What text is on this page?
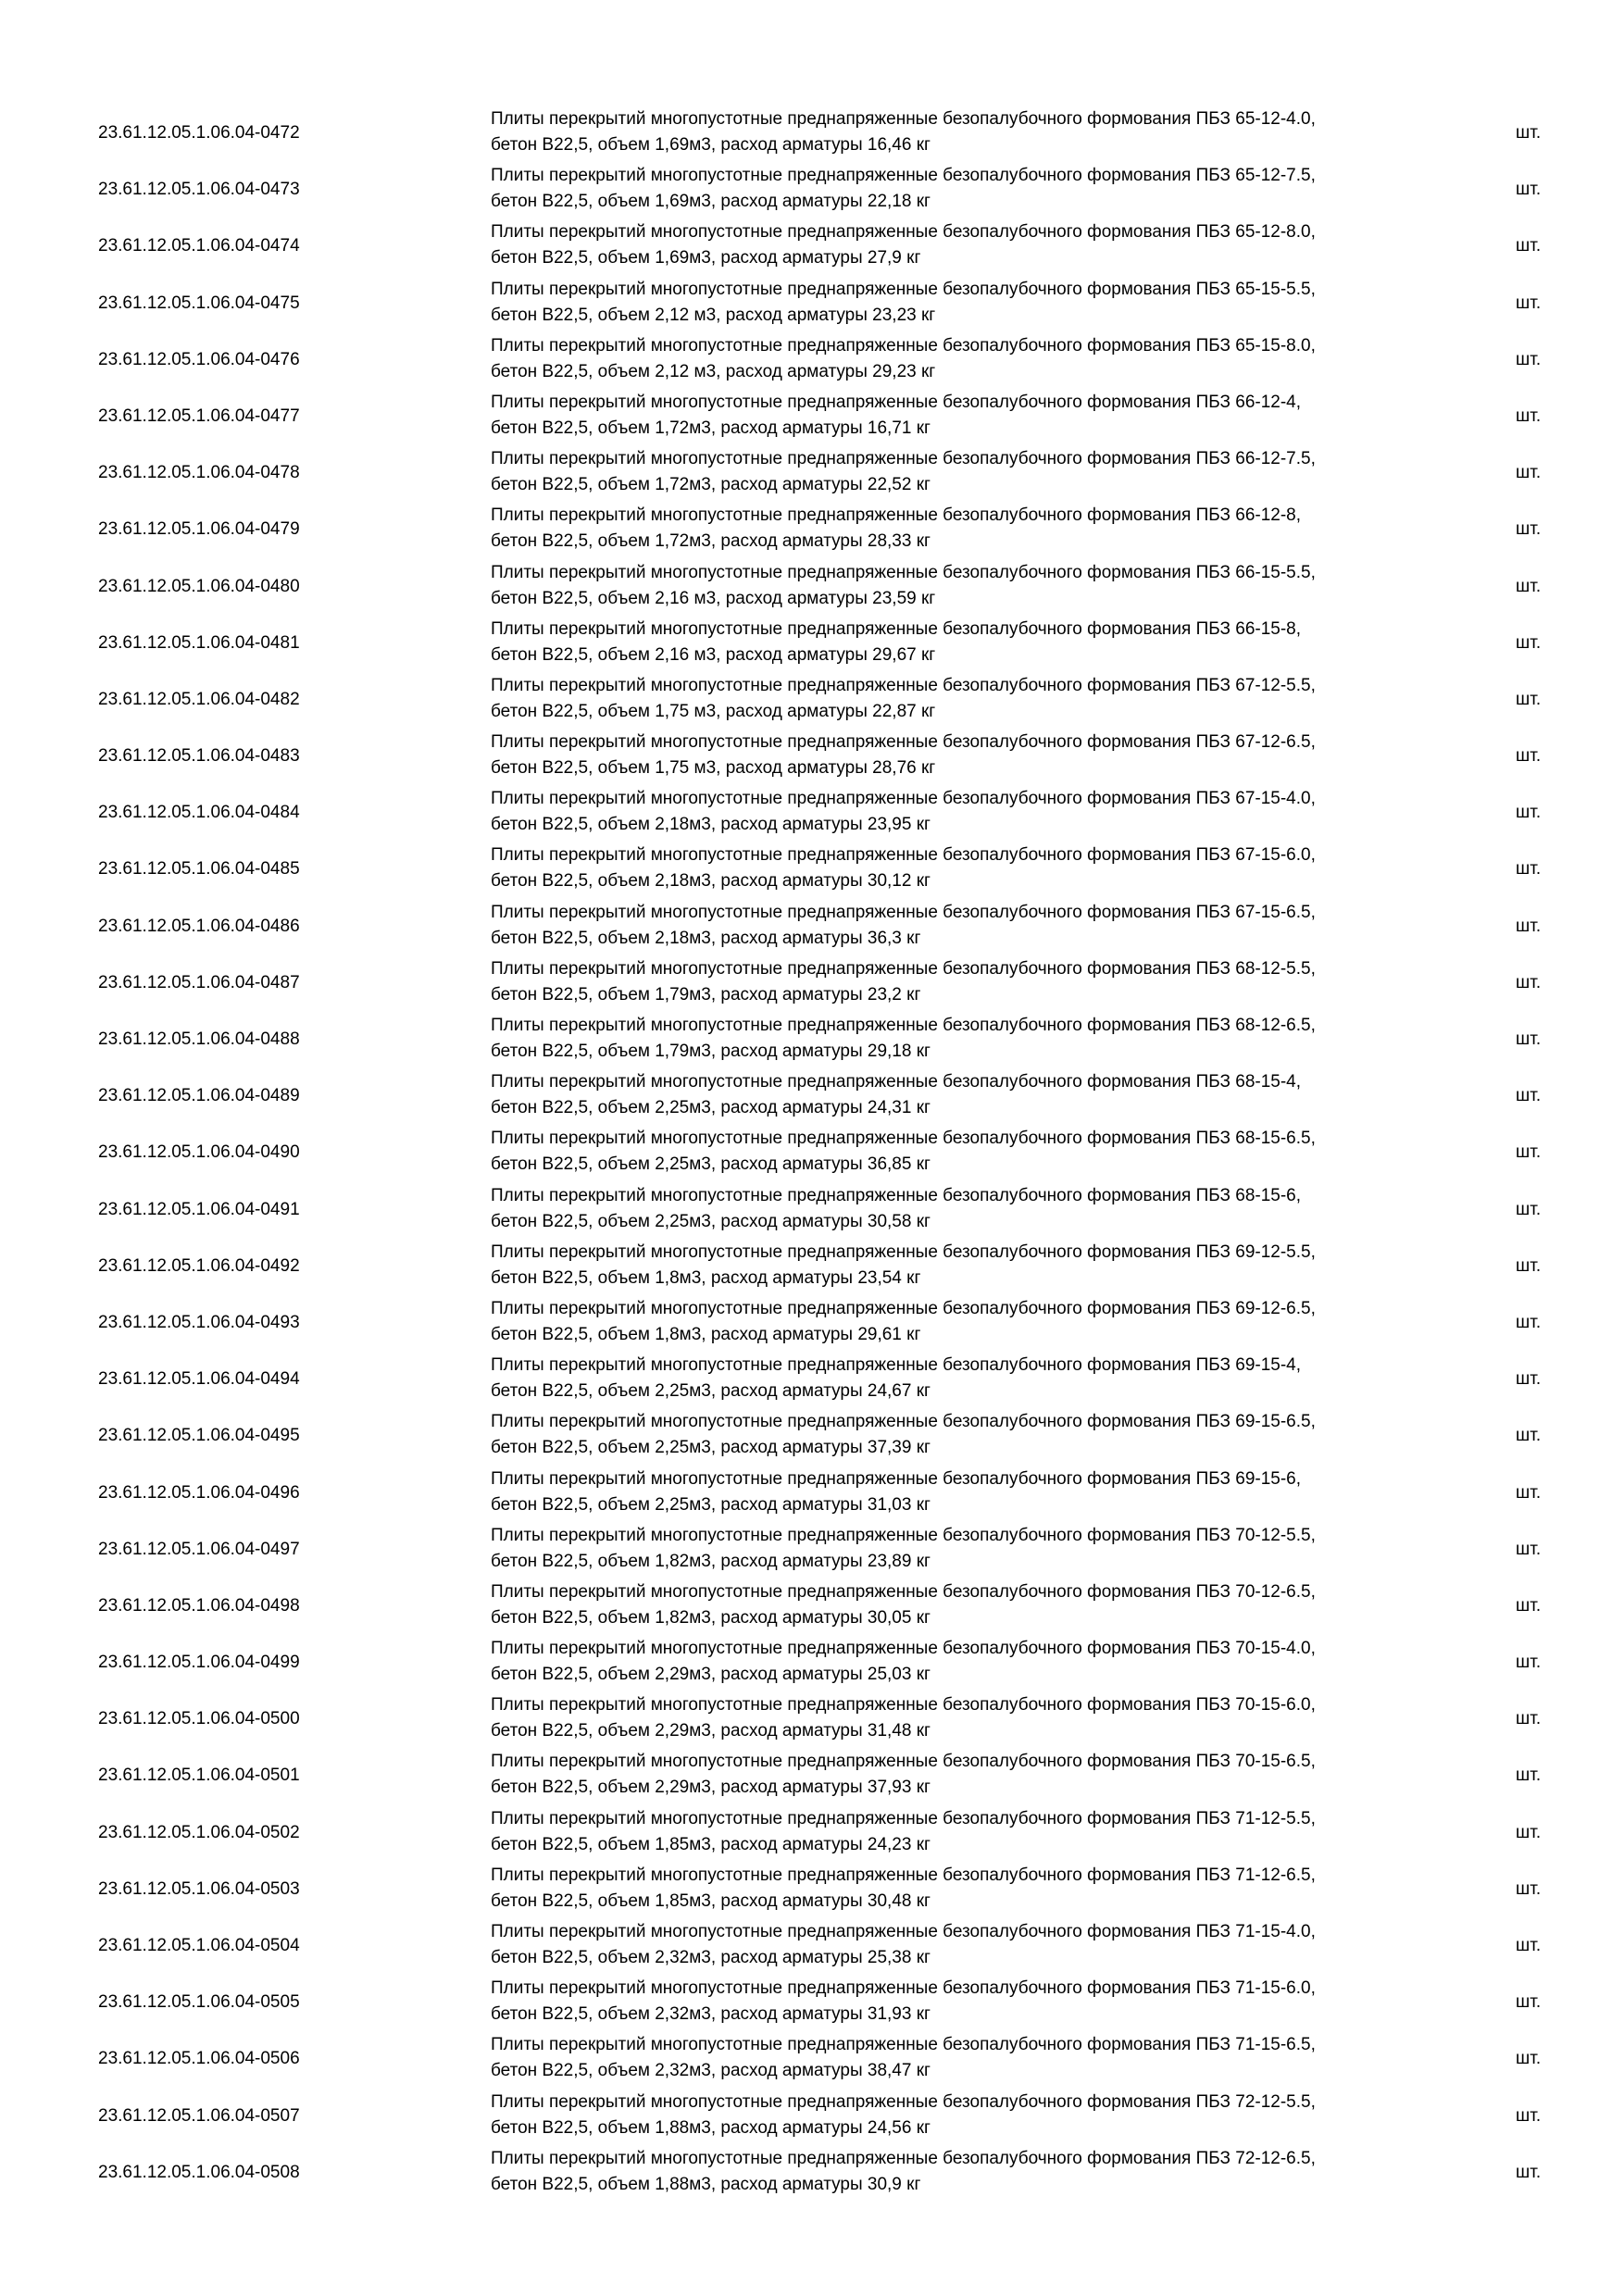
23.61.12.05.1.06.04-0472
Плиты перекрытий многопустотные преднапряженные безопалубочного формования ПБЗ 65-12-4.0,
бетон В22,5, объем 1,69м3, расход арматуры 16,46 кг
шт.
23.61.12.05.1.06.04-0473
Плиты перекрытий многопустотные преднапряженные безопалубочного формования ПБЗ 65-12-7.5,
бетон В22,5, объем 1,69м3, расход арматуры 22,18 кг
шт.
23.61.12.05.1.06.04-0474
Плиты перекрытий многопустотные преднапряженные безопалубочного формования ПБЗ 65-12-8.0,
бетон В22,5, объем 1,69м3, расход арматуры 27,9 кг
шт.
23.61.12.05.1.06.04-0475
Плиты перекрытий многопустотные преднапряженные безопалубочного формования ПБЗ 65-15-5.5,
бетон В22,5, объем 2,12 м3, расход арматуры 23,23 кг
шт.
23.61.12.05.1.06.04-0476
Плиты перекрытий многопустотные преднапряженные безопалубочного формования ПБЗ 65-15-8.0,
бетон В22,5, объем 2,12 м3, расход арматуры 29,23 кг
шт.
23.61.12.05.1.06.04-0477
Плиты перекрытий многопустотные преднапряженные безопалубочного формования ПБЗ 66-12-4,
бетон В22,5, объем 1,72м3, расход арматуры 16,71 кг
шт.
23.61.12.05.1.06.04-0478
Плиты перекрытий многопустотные преднапряженные безопалубочного формования ПБЗ 66-12-7.5,
бетон В22,5, объем 1,72м3, расход арматуры 22,52 кг
шт.
23.61.12.05.1.06.04-0479
Плиты перекрытий многопустотные преднапряженные безопалубочного формования ПБЗ 66-12-8,
бетон В22,5, объем 1,72м3, расход арматуры 28,33 кг
шт.
23.61.12.05.1.06.04-0480
Плиты перекрытий многопустотные преднапряженные безопалубочного формования ПБЗ 66-15-5.5,
бетон В22,5, объем 2,16 м3, расход арматуры 23,59 кг
шт.
23.61.12.05.1.06.04-0481
Плиты перекрытий многопустотные преднапряженные безопалубочного формования ПБЗ 66-15-8,
бетон В22,5, объем 2,16 м3, расход арматуры 29,67 кг
шт.
23.61.12.05.1.06.04-0482
Плиты перекрытий многопустотные преднапряженные безопалубочного формования ПБЗ 67-12-5.5,
бетон В22,5, объем 1,75 м3, расход арматуры 22,87 кг
шт.
23.61.12.05.1.06.04-0483
Плиты перекрытий многопустотные преднапряженные безопалубочного формования ПБЗ 67-12-6.5,
бетон В22,5, объем 1,75 м3, расход арматуры 28,76 кг
шт.
23.61.12.05.1.06.04-0484
Плиты перекрытий многопустотные преднапряженные безопалубочного формования ПБЗ 67-15-4.0,
бетон В22,5, объем 2,18м3, расход арматуры 23,95 кг
шт.
23.61.12.05.1.06.04-0485
Плиты перекрытий многопустотные преднапряженные безопалубочного формования ПБЗ 67-15-6.0,
бетон В22,5, объем 2,18м3, расход арматуры 30,12 кг
шт.
23.61.12.05.1.06.04-0486
Плиты перекрытий многопустотные преднапряженные безопалубочного формования ПБЗ 67-15-6.5,
бетон В22,5, объем 2,18м3, расход арматуры 36,3 кг
шт.
23.61.12.05.1.06.04-0487
Плиты перекрытий многопустотные преднапряженные безопалубочного формования ПБЗ 68-12-5.5,
бетон В22,5, объем 1,79м3, расход арматуры 23,2 кг
шт.
23.61.12.05.1.06.04-0488
Плиты перекрытий многопустотные преднапряженные безопалубочного формования ПБЗ 68-12-6.5,
бетон В22,5, объем 1,79м3, расход арматуры 29,18 кг
шт.
23.61.12.05.1.06.04-0489
Плиты перекрытий многопустотные преднапряженные безопалубочного формования ПБЗ 68-15-4,
бетон В22,5, объем 2,25м3, расход арматуры 24,31 кг
шт.
23.61.12.05.1.06.04-0490
Плиты перекрытий многопустотные преднапряженные безопалубочного формования ПБЗ 68-15-6.5,
бетон В22,5, объем 2,25м3, расход арматуры 36,85 кг
шт.
23.61.12.05.1.06.04-0491
Плиты перекрытий многопустотные преднапряженные безопалубочного формования ПБЗ 68-15-6,
бетон В22,5, объем 2,25м3, расход арматуры 30,58 кг
шт.
23.61.12.05.1.06.04-0492
Плиты перекрытий многопустотные преднапряженные безопалубочного формования ПБЗ 69-12-5.5,
бетон В22,5, объем 1,8м3, расход арматуры 23,54 кг
шт.
23.61.12.05.1.06.04-0493
Плиты перекрытий многопустотные преднапряженные безопалубочного формования ПБЗ 69-12-6.5,
бетон В22,5, объем 1,8м3, расход арматуры 29,61 кг
шт.
23.61.12.05.1.06.04-0494
Плиты перекрытий многопустотные преднапряженные безопалубочного формования ПБЗ 69-15-4,
бетон В22,5, объем 2,25м3, расход арматуры 24,67 кг
шт.
23.61.12.05.1.06.04-0495
Плиты перекрытий многопустотные преднапряженные безопалубочного формования ПБЗ 69-15-6.5,
бетон В22,5, объем 2,25м3, расход арматуры 37,39 кг
шт.
23.61.12.05.1.06.04-0496
Плиты перекрытий многопустотные преднапряженные безопалубочного формования ПБЗ 69-15-6,
бетон В22,5, объем 2,25м3, расход арматуры 31,03 кг
шт.
23.61.12.05.1.06.04-0497
Плиты перекрытий многопустотные преднапряженные безопалубочного формования ПБЗ 70-12-5.5,
бетон В22,5, объем 1,82м3, расход арматуры 23,89 кг
шт.
23.61.12.05.1.06.04-0498
Плиты перекрытий многопустотные преднапряженные безопалубочного формования ПБЗ 70-12-6.5,
бетон В22,5, объем 1,82м3, расход арматуры 30,05 кг
шт.
23.61.12.05.1.06.04-0499
Плиты перекрытий многопустотные преднапряженные безопалубочного формования ПБЗ 70-15-4.0,
бетон В22,5, объем 2,29м3, расход арматуры 25,03 кг
шт.
23.61.12.05.1.06.04-0500
Плиты перекрытий многопустотные преднапряженные безопалубочного формования ПБЗ 70-15-6.0,
бетон В22,5, объем 2,29м3, расход арматуры 31,48 кг
шт.
23.61.12.05.1.06.04-0501
Плиты перекрытий многопустотные преднапряженные безопалубочного формования ПБЗ 70-15-6.5,
бетон В22,5, объем 2,29м3, расход арматуры 37,93 кг
шт.
23.61.12.05.1.06.04-0502
Плиты перекрытий многопустотные преднапряженные безопалубочного формования ПБЗ 71-12-5.5,
бетон В22,5, объем 1,85м3, расход арматуры 24,23 кг
шт.
23.61.12.05.1.06.04-0503
Плиты перекрытий многопустотные преднапряженные безопалубочного формования ПБЗ 71-12-6.5,
бетон В22,5, объем 1,85м3, расход арматуры 30,48 кг
шт.
23.61.12.05.1.06.04-0504
Плиты перекрытий многопустотные преднапряженные безопалубочного формования ПБЗ 71-15-4.0,
бетон В22,5, объем 2,32м3, расход арматуры 25,38 кг
шт.
23.61.12.05.1.06.04-0505
Плиты перекрытий многопустотные преднапряженные безопалубочного формования ПБЗ 71-15-6.0,
бетон В22,5, объем 2,32м3, расход арматуры 31,93 кг
шт.
23.61.12.05.1.06.04-0506
Плиты перекрытий многопустотные преднапряженные безопалубочного формования ПБЗ 71-15-6.5,
бетон В22,5, объем 2,32м3, расход арматуры 38,47 кг
шт.
23.61.12.05.1.06.04-0507
Плиты перекрытий многопустотные преднапряженные безопалубочного формования ПБЗ 72-12-5.5,
бетон В22,5, объем 1,88м3, расход арматуры 24,56 кг
шт.
23.61.12.05.1.06.04-0508
Плиты перекрытий многопустотные преднапряженные безопалубочного формования ПБЗ 72-12-6.5,
бетон В22,5, объем 1,88м3, расход арматуры 30,9 кг
шт.
